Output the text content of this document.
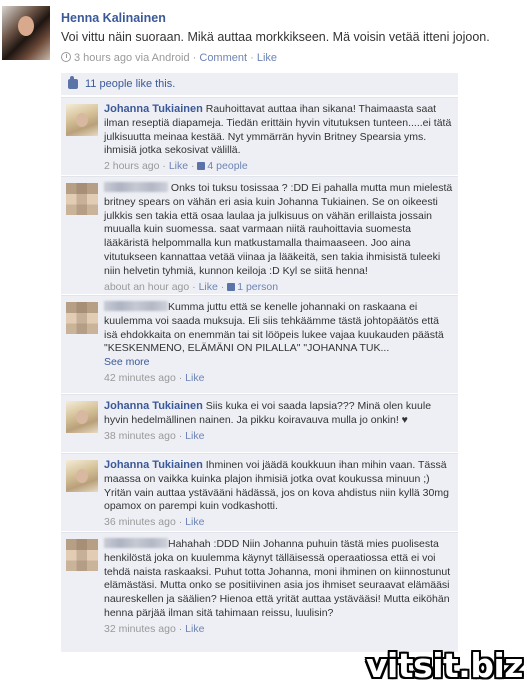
Henna Kalinainen
Voi vittu näin suoraan. Mikä auttaa morkkikseen. Mä voisin vetää itteni jojoon.
3 hours ago via Android · Comment · Like
11 people like this.
Johanna Tukiainen Rauhoittavat auttaa ihan sikana! Thaimaasta saat ilman reseptiä diapameja. Tiedän erittäin hyvin vitutuksen tunteen.....ei tätä julkisuutta meinaa kestää. Nyt ymmärrän hyvin Britney Spearsia yms. ihmisiä jotka sekosivat välillä.
2 hours ago · Like · 4 people
Onks toi tuksu tosissaa ? :DD Ei pahalla mutta mun mielestä britney spears on vähän eri asia kuin Johanna Tukiainen. Se on oikeesti julkkis sen takia että osaa laulaa ja julkisuus on vähän erillaista jossain muualla kuin suomessa. saat varmaan niitä rauhoittavia suomesta lääkäristä helpommalla kun matkustamalla thaimaaseen. Joo aina vitutukseen kannattaa vetää viinaa ja lääkeitä, sen takia ihmisistä tuleeki niin helvetin tyhmiä, kunnon keiloja :D Kyl se siitä henna!
about an hour ago · Like · 1 person
Kumma juttu että se kenelle johannaki on raskaana ei kuulemma voi saada muksuja. Eli siis tehkäämme tästä johtopäätös että isä ehdokkaita on enemmän tai sit lööpeis lukee vajaa kuukauden päästä "KESKENMENO, ELÄMÄNI ON PILALLA" "JOHANNA TUK...
See more
42 minutes ago · Like
Johanna Tukiainen Siis kuka ei voi saada lapsia??? Minä olen kuule hyvin hedelmällinen nainen. Ja pikku koiravauva mulla jo onkin! ♥
38 minutes ago · Like
Johanna Tukiainen Ihminen voi jäädä koukkuun ihan mihin vaan. Tässä maassa on vaikka kuinka plajon ihmisiä jotka ovat koukussa minuun ;) Yritän vain auttaa ystävääni hädässä, jos on kova ahdistus niin kyllä 30mg opamox on parempi kuin vodkashotti.
36 minutes ago · Like
Hahahah :DDD Niin Johanna puhuin tästä mies puolisesta henkilöstä joka on kuulemma käynyt tälläisessä operaatiossa että ei voi tehdä naista raskaaksi. Puhut totta Johanna, moni ihminen on kiinnostunut elämästäsi. Mutta onko se positiivinen asia jos ihmiset seuraavat elämääsi naureskellen ja säälien? Hienoa että yrität auttaa ystävääsi! Mutta eiköhän henna pärjää ilman sitä tahimaan reissu, luulisin?
32 minutes ago · Like
vitsit.biz
